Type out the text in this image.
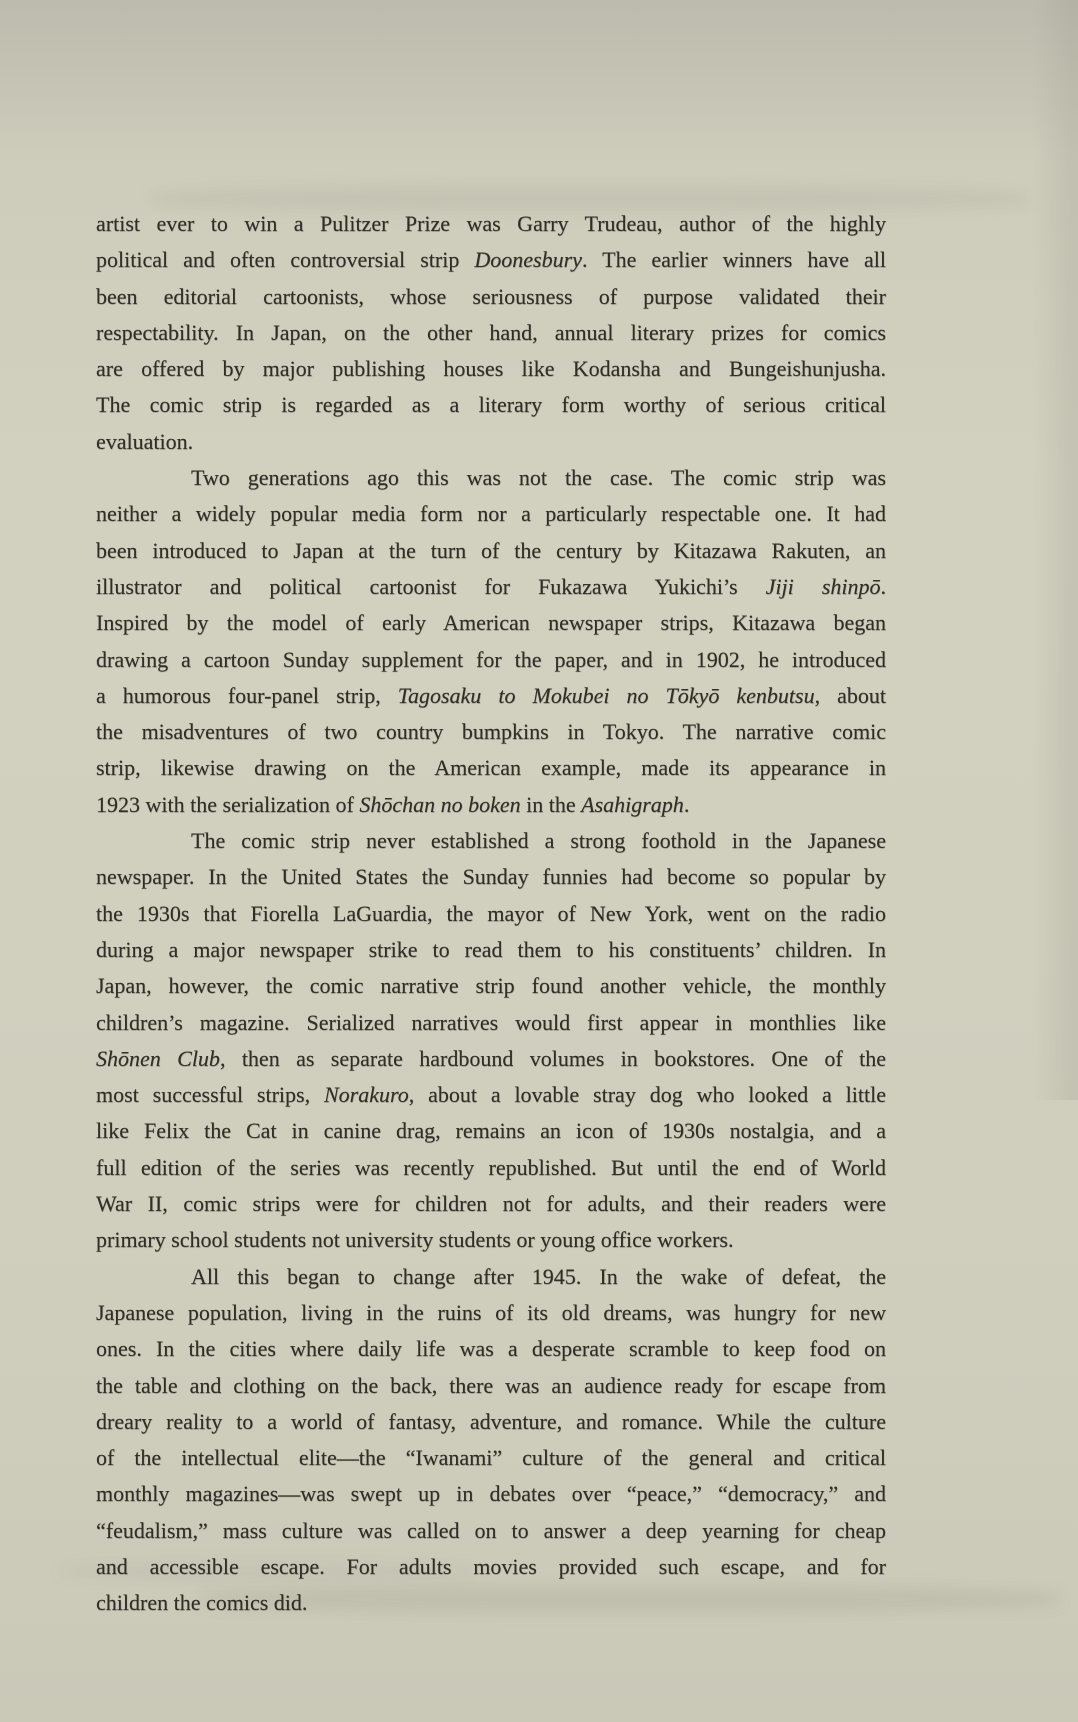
artist ever to win a Pulitzer Prize was Garry Trudeau, author of the highly
political and often controversial strip Doonesbury. The earlier winners have all
been editorial cartoonists, whose seriousness of purpose validated their
respectability. In Japan, on the other hand, annual literary prizes for comics
are offered by major publishing houses like Kodansha and Bungeishunjusha.
The comic strip is regarded as a literary form worthy of serious critical
evaluation.
Two generations ago this was not the case. The comic strip was
neither a widely popular media form nor a particularly respectable one. It had
been introduced to Japan at the turn of the century by Kitazawa Rakuten, an
illustrator and political cartoonist for Fukazawa Yukichi’s Jiji shinpō.
Inspired by the model of early American newspaper strips, Kitazawa began
drawing a cartoon Sunday supplement for the paper, and in 1902, he introduced
a humorous four-panel strip, Tagosaku to Mokubei no Tōkyō kenbutsu, about
the misadventures of two country bumpkins in Tokyo. The narrative comic
strip, likewise drawing on the American example, made its appearance in
1923 with the serialization of Shōchan no boken in the Asahigraph.
The comic strip never established a strong foothold in the Japanese
newspaper. In the United States the Sunday funnies had become so popular by
the 1930s that Fiorella LaGuardia, the mayor of New York, went on the radio
during a major newspaper strike to read them to his constituents’ children. In
Japan, however, the comic narrative strip found another vehicle, the monthly
children’s magazine. Serialized narratives would first appear in monthlies like
Shōnen Club, then as separate hardbound volumes in bookstores. One of the
most successful strips, Norakuro, about a lovable stray dog who looked a little
like Felix the Cat in canine drag, remains an icon of 1930s nostalgia, and a
full edition of the series was recently republished. But until the end of World
War II, comic strips were for children not for adults, and their readers were
primary school students not university students or young office workers.
All this began to change after 1945. In the wake of defeat, the
Japanese population, living in the ruins of its old dreams, was hungry for new
ones. In the cities where daily life was a desperate scramble to keep food on
the table and clothing on the back, there was an audience ready for escape from
dreary reality to a world of fantasy, adventure, and romance. While the culture
of the intellectual elite—the “Iwanami” culture of the general and critical
monthly magazines—was swept up in debates over “peace,” “democracy,” and
“feudalism,” mass culture was called on to answer a deep yearning for cheap
and accessible escape. For adults movies provided such escape, and for
children the comics did.
